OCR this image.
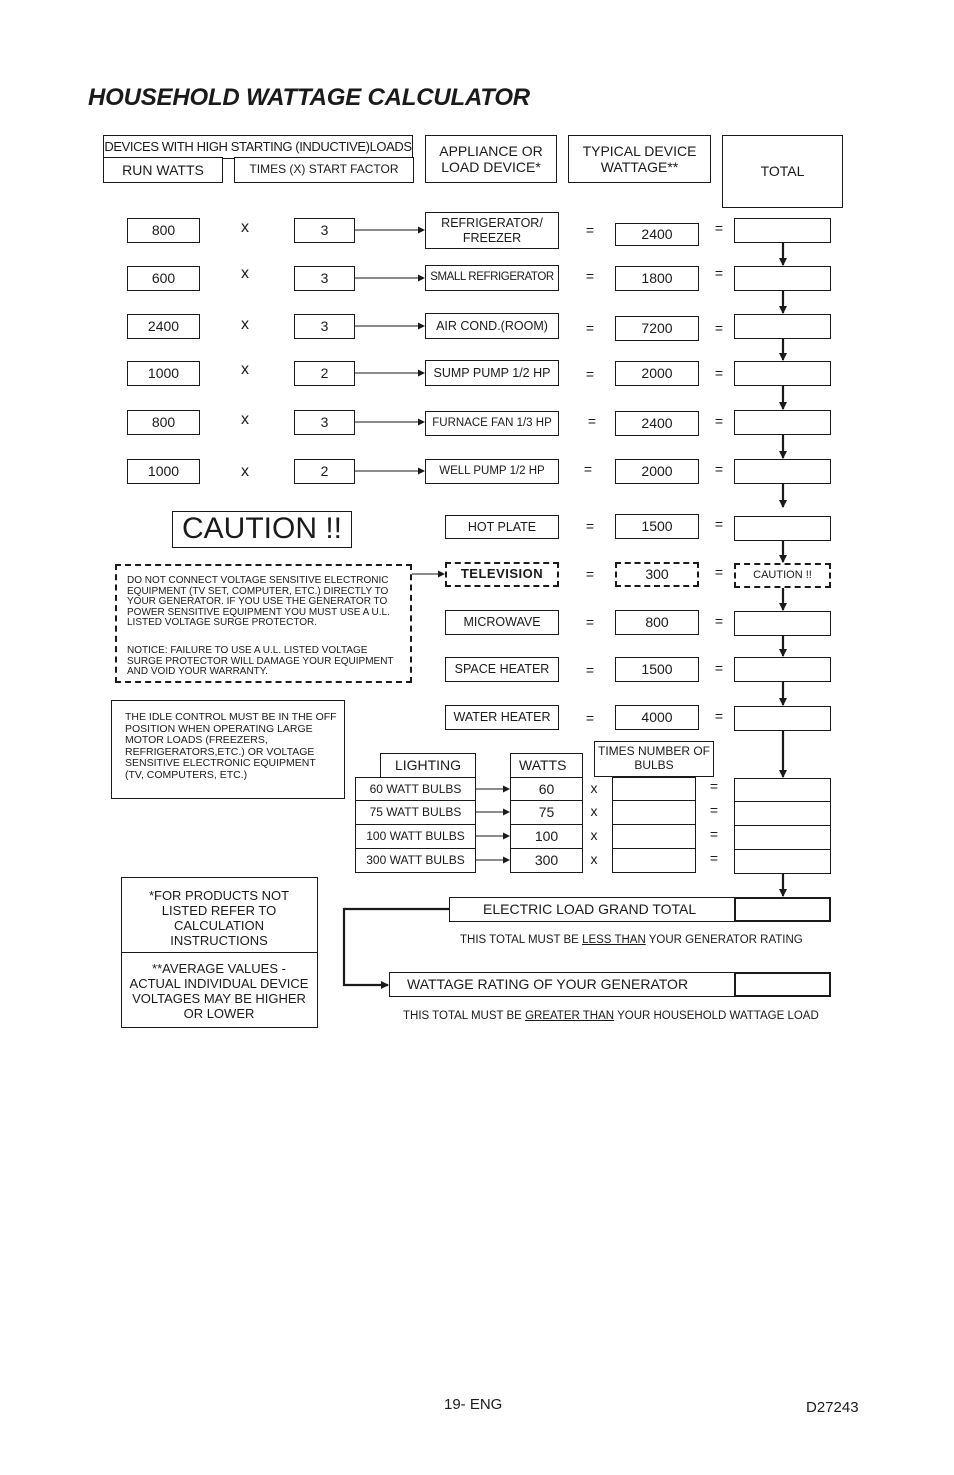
HOUSEHOLD WATTAGE CALCULATOR
DEVICES WITH HIGH STARTING (INDUCTIVE)LOADS
RUN WATTS	TIMES (X) START FACTOR
APPLIANCE OR LOAD DEVICE*
TYPICAL DEVICE WATTAGE**	TOTAL
800	x	3	REFRIGERATOR/ FREEZER	=	2400	=
600	x	3	SMALL REFRIGERATOR =	1800	=
2400	x	3	AIR COND.(ROOM)	=	7200	=
1000	x	2	SUMP PUMP 1/2 HP	=	2000	=
800	x	3	FURNACE FAN 1/3 HP	=	2400	=
1000	x	2	WELL PUMP 1/2 HP	=	2000	=
CAUTION !!	HOT PLATE	=	1500	=
TELEVISION	=	300	=	CAUTION !!
MICROWAVE	=	800	=
SPACE HEATER	=	1500	=
WATER HEATER	=	4000	=
DO NOT CONNECT VOLTAGE SENSITIVE ELECTRONIC EQUIPMENT (TV SET, COMPUTER, ETC.) DIRECTLY TO YOUR GENERATOR. IF YOU USE THE GENERATOR TO POWER SENSITIVE EQUIPMENT YOU MUST USE A U.L. LISTED VOLTAGE SURGE PROTECTOR.
NOTICE: FAILURE TO USE A U.L. LISTED VOLTAGE SURGE PROTECTOR WILL DAMAGE YOUR EQUIPMENT AND VOID YOUR WARRANTY.
THE IDLE CONTROL MUST BE IN THE OFF POSITION WHEN OPERATING LARGE MOTOR LOADS (FREEZERS, REFRIGERATORS,ETC.) OR VOLTAGE SENSITIVE ELECTRONIC EQUIPMENT (TV, COMPUTERS, ETC.)
LIGHTING	WATTS
TIMES NUMBER OF BULBS
60 WATT BULBS	60	x	=
75 WATT BULBS	75	x	=
100 WATT BULBS	100	x	=
300 WATT BULBS	300	x	=
*FOR PRODUCTS NOT LISTED REFER TO CALCULATION INSTRUCTIONS
**AVERAGE VALUES - ACTUAL INDIVIDUAL DEVICE VOLTAGES MAY BE HIGHER OR LOWER
ELECTRIC LOAD GRAND TOTAL
THIS TOTAL MUST BE LESS THAN YOUR GENERATOR RATING
WATTAGE RATING OF YOUR GENERATOR
THIS TOTAL MUST BE GREATER THAN YOUR HOUSEHOLD WATTAGE LOAD
19- ENG	D27243
